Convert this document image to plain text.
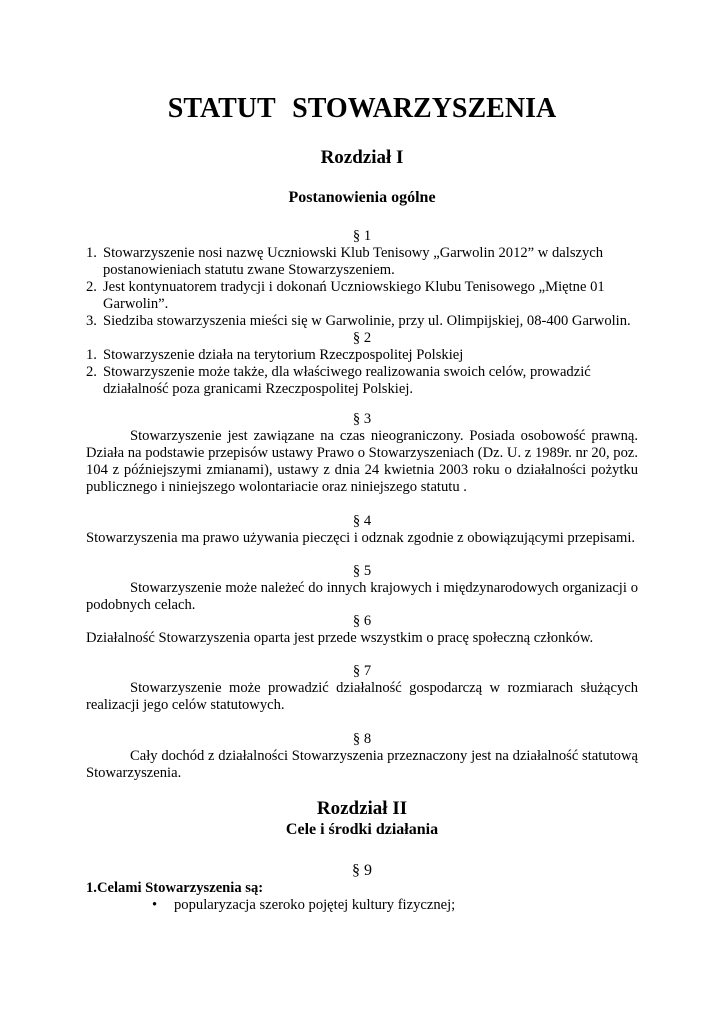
STATUT STOWARZYSZENIA

Rozdział I

Postanowienia ogólne

§ 1

1. Stowarzyszenie nosi nazwę Uczniowski Klub Tenisowy „Garwolin 2012” w dalszych postanowieniach statutu zwane Stowarzyszeniem.
2. Jest kontynuatorem tradycji i dokonań Uczniowskiego Klubu Tenisowego „Miętne 01 Garwolin”.
3. Siedziba stowarzyszenia mieści się w Garwolinie, przy ul. Olimpijskiej, 08-400 Garwolin.

§ 2

1. Stowarzyszenie działa na terytorium Rzeczpospolitej Polskiej
2. Stowarzyszenie może także, dla właściwego realizowania swoich celów, prowadzić działalność poza granicami Rzeczpospolitej Polskiej.

§ 3

Stowarzyszenie jest zawiązane na czas nieograniczony. Posiada osobowość prawną. Działa na podstawie przepisów ustawy Prawo o Stowarzyszeniach (Dz. U. z 1989r. nr 20, poz. 104 z późniejszymi zmianami), ustawy z dnia 24 kwietnia 2003 roku o działalności pożytku publicznego i niniejszego wolontariacie oraz niniejszego statutu .

§ 4

Stowarzyszenia ma prawo używania pieczęci i odznak zgodnie z obowiązującymi przepisami.

§ 5

Stowarzyszenie może należeć do innych krajowych i międzynarodowych organizacji o podobnych celach.

§ 6

Działalność Stowarzyszenia oparta jest przede wszystkim o pracę społeczną członków.

§ 7

Stowarzyszenie może prowadzić działalność gospodarczą w rozmiarach służących realizacji jego celów statutowych.

§ 8

Cały dochód z działalności Stowarzyszenia przeznaczony jest na działalność statutową Stowarzyszenia.

Rozdział II

Cele i środki działania

§ 9

1.Celami Stowarzyszenia są:

• popularyzacja szeroko pojętej kultury fizycznej;
